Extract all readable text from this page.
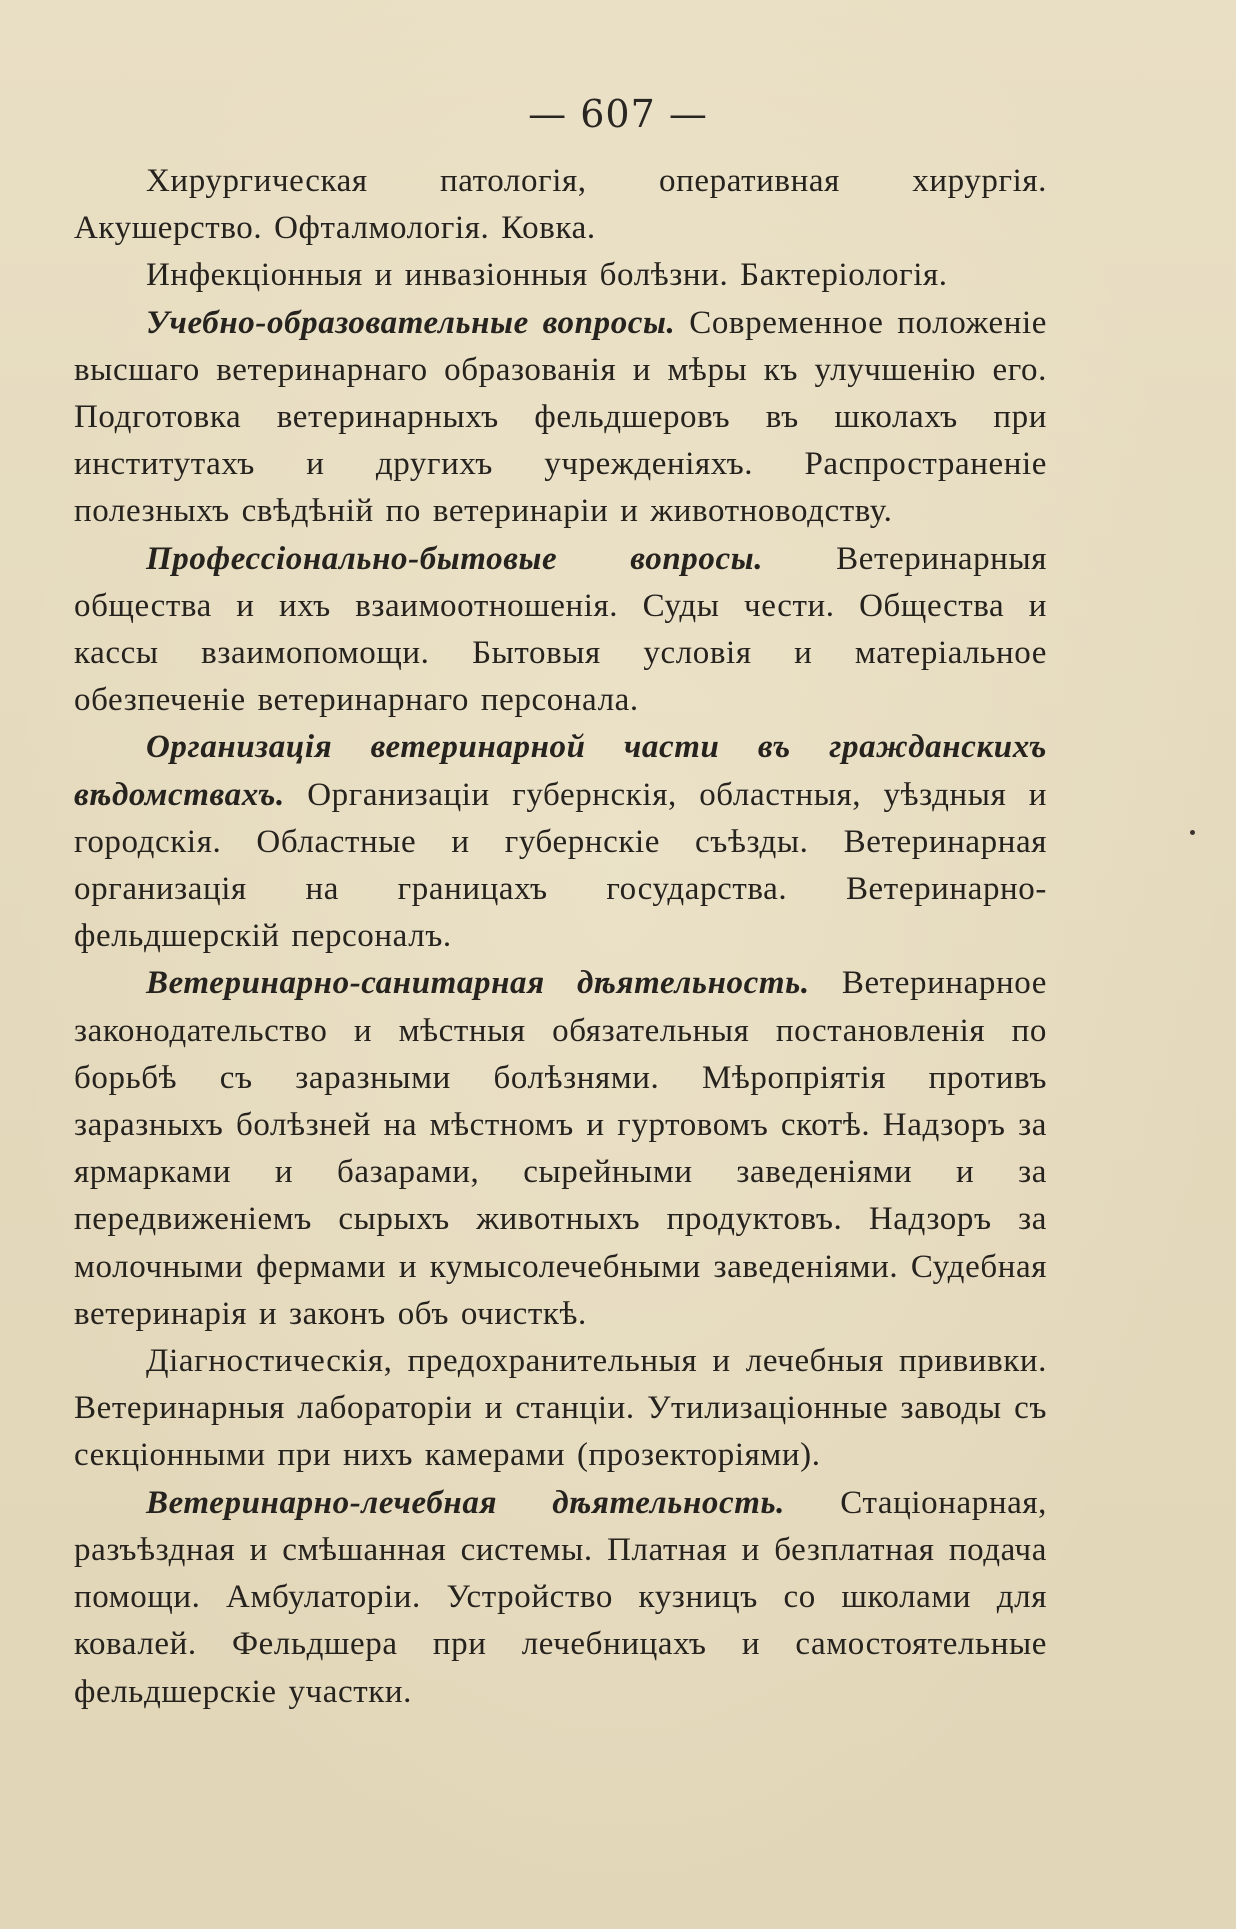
— 607 —

Хирургическая патологія, оперативная хирургія. Акушерство. Офталмологія. Ковка.

Инфекціонныя и инвазіонныя болѣзни. Бактеріологія.

Учебно-образовательные вопросы. Современное положеніе высшаго ветеринарнаго образованія и мѣры къ улучшенію его. Подготовка ветеринарныхъ фельдшеровъ въ школахъ при институтахъ и другихъ учрежденіяхъ. Распространеніе полезныхъ свѣдѣній по ветеринаріи и животноводству.

Профессіонально-бытовые вопросы. Ветеринарныя общества и ихъ взаимоотношенія. Суды чести. Общества и кассы взаимопомощи. Бытовыя условія и матеріальное обезпеченіе ветеринарнаго персонала.

Организація ветеринарной части въ гражданскихъ вѣдомствахъ. Организаціи губернскія, областныя, уѣздныя и городскія. Областные и губернскіе съѣзды. Ветеринарная организація на границахъ государства. Ветеринарно-фельдшерскій персоналъ.

Ветеринарно-санитарная дѣятельность. Ветеринарное законодательство и мѣстныя обязательныя постановленія по борьбѣ съ заразными болѣзнями. Мѣропріятія противъ заразныхъ болѣзней на мѣстномъ и гуртовомъ скотѣ. Надзоръ за ярмарками и базарами, сырейными заведеніями и за передвиженіемъ сырыхъ животныхъ продуктовъ. Надзоръ за молочными фермами и кумысолечебными заведеніями. Судебная ветеринарія и законъ объ очисткѣ.

Діагностическія, предохранительныя и лечебныя прививки. Ветеринарныя лабораторіи и станціи. Утилизаціонные заводы съ секціонными при нихъ камерами (прозекторіями).

Ветеринарно-лечебная дѣятельность. Стаціонарная, разъѣздная и смѣшанная системы. Платная и безплатная подача помощи. Амбулаторіи. Устройство кузницъ со школами для ковалей. Фельдшера при лечебницахъ и самостоятельные фельдшерскіе участки.
